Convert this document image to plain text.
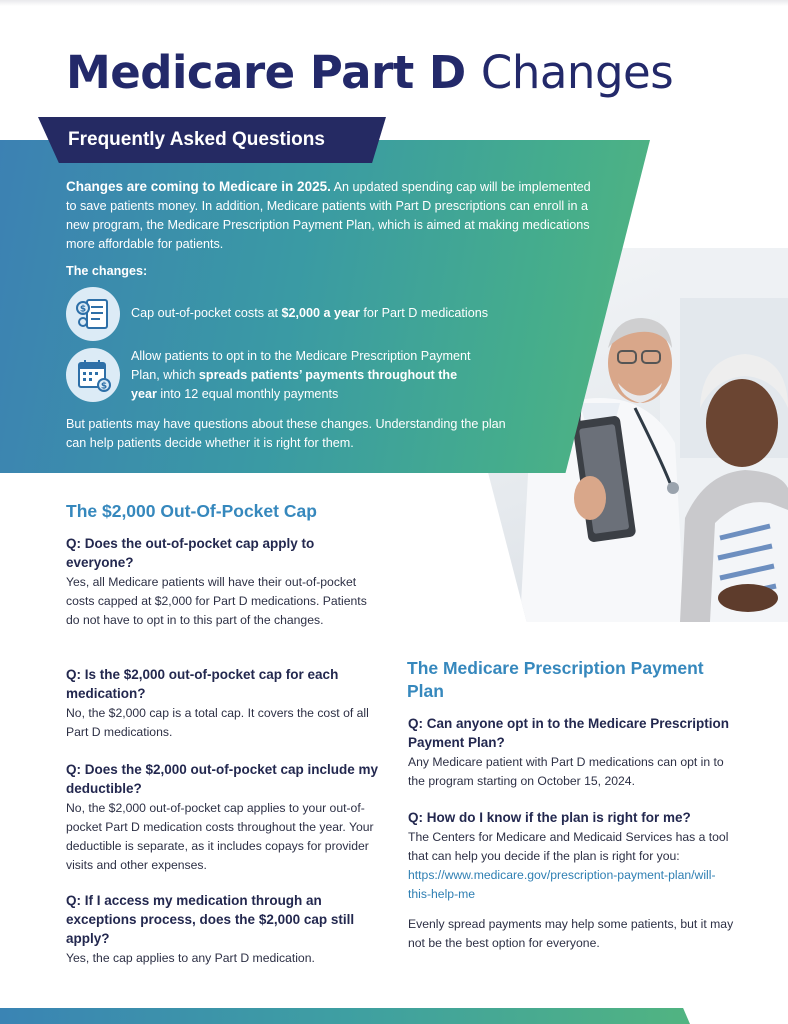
Medicare Part D Changes
Frequently Asked Questions

Changes are coming to Medicare in 2025. An updated spending cap will be implemented to save patients money. In addition, Medicare patients with Part D prescriptions can enroll in a new program, the Medicare Prescription Payment Plan, which is aimed at making medications more affordable for patients.

The changes:
$	Cap out-of-pocket costs at $2,000 a year for Part D medications
$
Allow patients to opt in to the Medicare Prescription Payment Plan, which spreads patients’ payments throughout the year into 12 equal monthly payments

But patients may have questions about these changes. Understanding the plan can help patients decide whether it is right for them.

The $2,000 Out-Of-Pocket Cap
Q: Does the out-of-pocket cap apply to everyone?
Yes, all Medicare patients will have their out-of-pocket costs capped at $2,000 for Part D medications. Patients do not have to opt in to this part of the changes.
Q: Is the $2,000 out-of-pocket cap for each medication?
No, the $2,000 cap is a total cap. It covers the cost of all Part D medications.
Q: Does the $2,000 out-of-pocket cap include my deductible?
No, the $2,000 out-of-pocket cap applies to your out-of-pocket Part D medication costs throughout the year. Your deductible is separate, as it includes copays for provider visits and other expenses.
Q: If I access my medication through an exceptions process, does the $2,000 cap still apply?
Yes, the cap applies to any Part D medication.
The Medicare Prescription Payment Plan
Q: Can anyone opt in to the Medicare Prescription Payment Plan?
Any Medicare patient with Part D medications can opt in to the program starting on October 15, 2024.
Q: How do I know if the plan is right for me?
The Centers for Medicare and Medicaid Services has a tool that can help you decide if the plan is right for you: https://www.medicare.gov/prescription-payment-plan/will-this-help-me
Evenly spread payments may help some patients, but it may not be the best option for everyone.
